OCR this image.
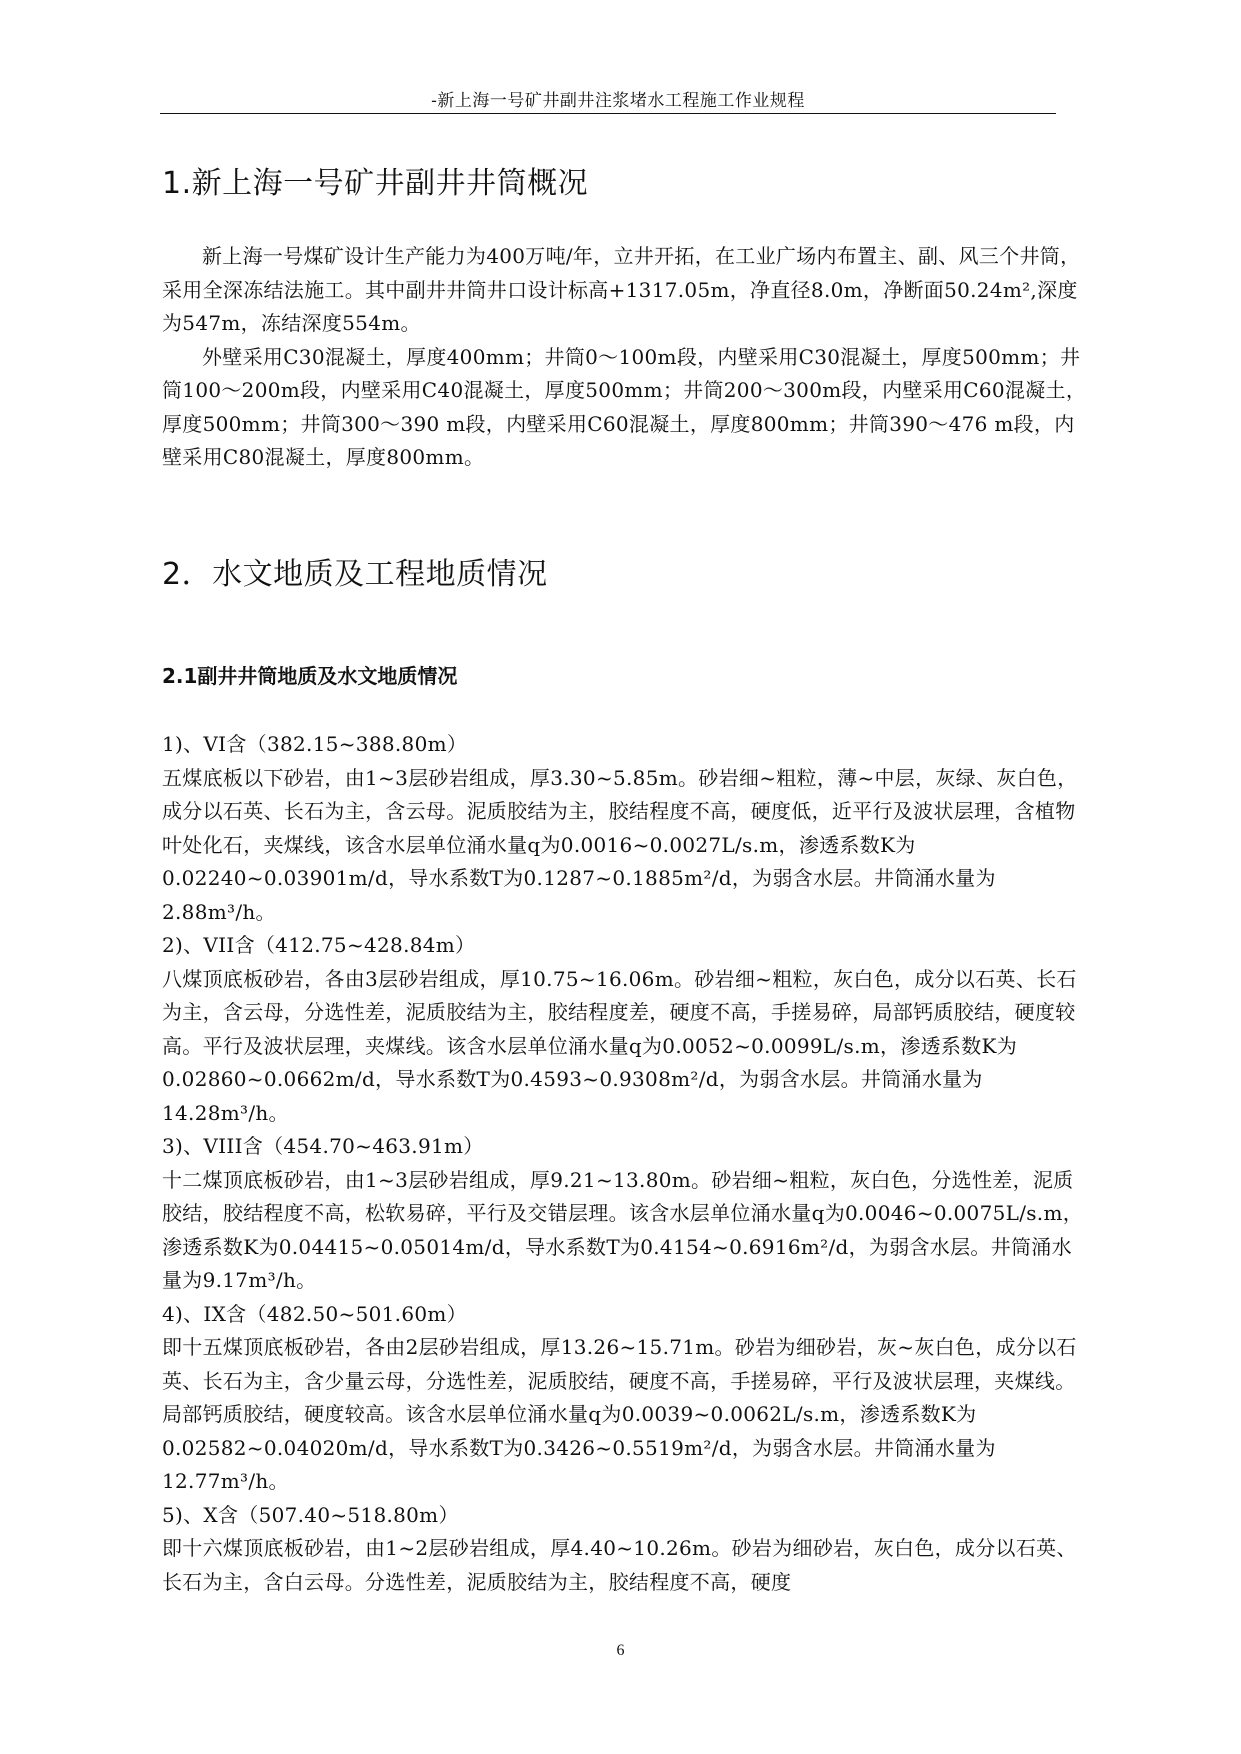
-新上海一号矿井副井注浆堵水工程施工作业规程
1.新上海一号矿井副井井筒概况

新上海一号煤矿设计生产能力为400万吨/年，立井开拓，在工业广场内布置主、副、风三个井筒，采用全深冻结法施工。其中副井井筒井口设计标高+1317.05m，净直径8.0m，净断面50.24m²,深度为547m，冻结深度554m。

外壁采用C30混凝土，厚度400mm；井筒0～100m段，内壁采用C30混凝土，厚度500mm；井筒100～200m段，内壁采用C40混凝土，厚度500mm；井筒200～300m段，内壁采用C60混凝土，厚度500mm；井筒300～390 m段，内壁采用C60混凝土，厚度800mm；井筒390～476 m段，内壁采用C80混凝土，厚度800mm。

2．水文地质及工程地质情况
2.1副井井筒地质及水文地质情况

1)、VI含（382.15~388.80m）

五煤底板以下砂岩，由1~3层砂岩组成，厚3.30~5.85m。砂岩细~粗粒，薄~中层，灰绿、灰白色，成分以石英、长石为主，含云母。泥质胶结为主，胶结程度不高，硬度低，近平行及波状层理，含植物叶处化石，夹煤线，该含水层单位涌水量q为0.0016~0.0027L/s.m，渗透系数K为0.02240~0.03901m/d，导水系数T为0.1287~0.1885m²/d，为弱含水层。井筒涌水量为2.88m³/h。

2)、VII含（412.75~428.84m）

八煤顶底板砂岩，各由3层砂岩组成，厚10.75~16.06m。砂岩细~粗粒，灰白色，成分以石英、长石为主，含云母，分选性差，泥质胶结为主，胶结程度差，硬度不高，手搓易碎，局部钙质胶结，硬度较高。平行及波状层理，夹煤线。该含水层单位涌水量q为0.0052~0.0099L/s.m，渗透系数K为0.02860~0.0662m/d，导水系数T为0.4593~0.9308m²/d，为弱含水层。井筒涌水量为14.28m³/h。

3)、VIII含（454.70~463.91m）

十二煤顶底板砂岩，由1~3层砂岩组成，厚9.21~13.80m。砂岩细~粗粒，灰白色，分选性差，泥质胶结，胶结程度不高，松软易碎，平行及交错层理。该含水层单位涌水量q为0.0046~0.0075L/s.m，渗透系数K为0.04415~0.05014m/d，导水系数T为0.4154~0.6916m²/d，为弱含水层。井筒涌水量为9.17m³/h。

4)、IX含（482.50~501.60m）

即十五煤顶底板砂岩，各由2层砂岩组成，厚13.26~15.71m。砂岩为细砂岩，灰~灰白色，成分以石英、长石为主，含少量云母，分选性差，泥质胶结，硬度不高，手搓易碎，平行及波状层理，夹煤线。局部钙质胶结，硬度较高。该含水层单位涌水量q为0.0039~0.0062L/s.m，渗透系数K为0.02582~0.04020m/d，导水系数T为0.3426~0.5519m²/d，为弱含水层。井筒涌水量为12.77m³/h。

5)、X含（507.40~518.80m）

即十六煤顶底板砂岩，由1~2层砂岩组成，厚4.40~10.26m。砂岩为细砂岩，灰白色，成分以石英、长石为主，含白云母。分选性差，泥质胶结为主，胶结程度不高，硬度

6
